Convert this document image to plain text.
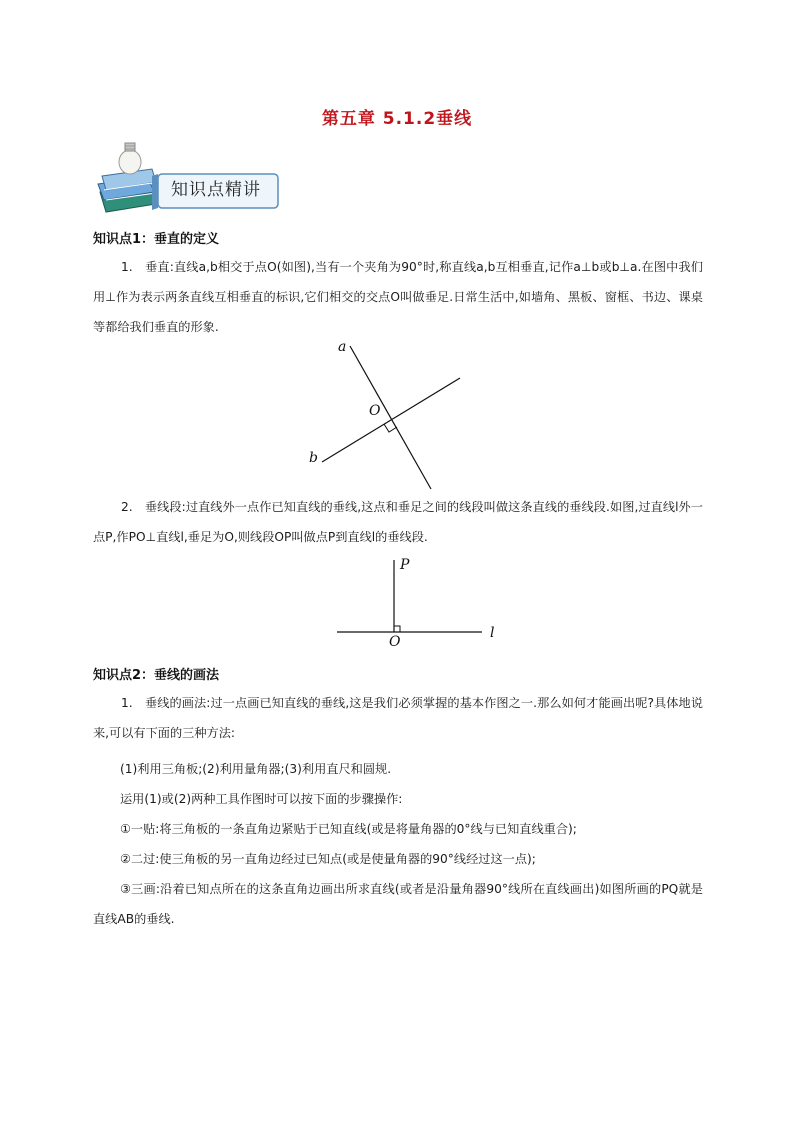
第五章 5.1.2垂线
知识点精讲
知识点1：垂直的定义
1.　垂直:直线a,b相交于点O(如图),当有一个夹角为90°时,称直线a,b互相垂直,记作a⊥b或b⊥a.在图中我们用⊥作为表示两条直线互相垂直的标识,它们相交的交点O叫做垂足.日常生活中,如墙角、黑板、窗框、书边、课桌等都给我们垂直的形象.
a
b
O
2.　垂线段:过直线外一点作已知直线的垂线,这点和垂足之间的线段叫做这条直线的垂线段.如图,过直线l外一点P,作PO⊥直线l,垂足为O,则线段OP叫做点P到直线l的垂线段.
P
O
l
知识点2：垂线的画法
1.　垂线的画法:过一点画已知直线的垂线,这是我们必须掌握的基本作图之一.那么如何才能画出呢?具体地说来,可以有下面的三种方法:
(1)利用三角板;(2)利用量角器;(3)利用直尺和圆规.
运用(1)或(2)两种工具作图时可以按下面的步骤操作:
①一贴:将三角板的一条直角边紧贴于已知直线(或是将量角器的0°线与已知直线重合);
②二过:使三角板的另一直角边经过已知点(或是使量角器的90°线经过这一点);
③三画:沿着已知点所在的这条直角边画出所求直线(或者是沿量角器90°线所在直线画出)如图所画的PQ就是直线AB的垂线.
